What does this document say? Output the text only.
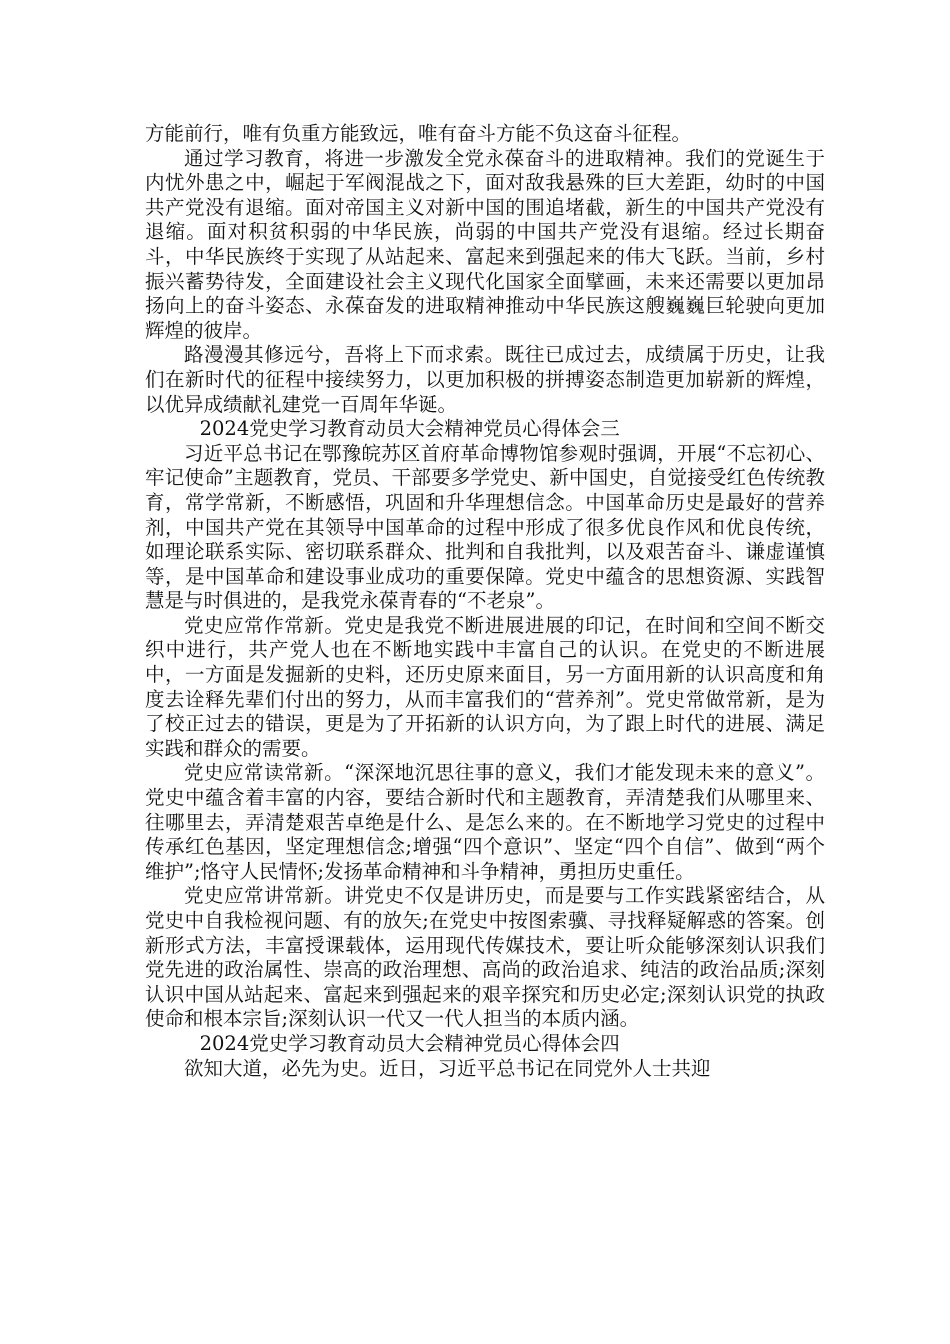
方能前行，唯有负重方能致远，唯有奋斗方能不负这奋斗征程。

通过学习教育，将进一步激发全党永葆奋斗的进取精神。我们的党诞生于内忧外患之中，崛起于军阀混战之下，面对敌我悬殊的巨大差距，幼时的中国共产党没有退缩。面对帝国主义对新中国的围追堵截，新生的中国共产党没有退缩。面对积贫积弱的中华民族，尚弱的中国共产党没有退缩。经过长期奋斗，中华民族终于实现了从站起来、富起来到强起来的伟大飞跃。当前，乡村振兴蓄势待发，全面建设社会主义现代化国家全面擘画，未来还需要以更加昂扬向上的奋斗姿态、永葆奋发的进取精神推动中华民族这艘巍巍巨轮驶向更加辉煌的彼岸。

路漫漫其修远兮，吾将上下而求索。既往已成过去，成绩属于历史，让我们在新时代的征程中接续努力，以更加积极的拼搏姿态制造更加崭新的辉煌，以优异成绩献礼建党一百周年华诞。

2024党史学习教育动员大会精神党员心得体会三

习近平总书记在鄂豫皖苏区首府革命博物馆参观时强调，开展“不忘初心、牢记使命”主题教育，党员、干部要多学党史、新中国史，自觉接受红色传统教育，常学常新，不断感悟，巩固和升华理想信念。中国革命历史是最好的营养剂，中国共产党在其领导中国革命的过程中形成了很多优良作风和优良传统，如理论联系实际、密切联系群众、批判和自我批判，以及艰苦奋斗、谦虚谨慎等，是中国革命和建设事业成功的重要保障。党史中蕴含的思想资源、实践智慧是与时俱进的，是我党永葆青春的“不老泉”。

党史应常作常新。党史是我党不断进展进展的印记，在时间和空间不断交织中进行，共产党人也在不断地实践中丰富自己的认识。在党史的不断进展中，一方面是发掘新的史料，还历史原来面目，另一方面用新的认识高度和角度去诠释先辈们付出的努力，从而丰富我们的“营养剂”。党史常做常新，是为了校正过去的错误，更是为了开拓新的认识方向，为了跟上时代的进展、满足实践和群众的需要。

党史应常读常新。“深深地沉思往事的意义，我们才能发现未来的意义”。党史中蕴含着丰富的内容，要结合新时代和主题教育，弄清楚我们从哪里来、往哪里去，弄清楚艰苦卓绝是什么、是怎么来的。在不断地学习党史的过程中传承红色基因，坚定理想信念;增强“四个意识”、坚定“四个自信”、做到“两个维护”;恪守人民情怀;发扬革命精神和斗争精神，勇担历史重任。

党史应常讲常新。讲党史不仅是讲历史，而是要与工作实践紧密结合，从党史中自我检视问题、有的放矢;在党史中按图索骥、寻找释疑解惑的答案。创新形式方法，丰富授课载体，运用现代传媒技术，要让听众能够深刻认识我们党先进的政治属性、崇高的政治理想、高尚的政治追求、纯洁的政治品质;深刻认识中国从站起来、富起来到强起来的艰辛探究和历史必定;深刻认识党的执政使命和根本宗旨;深刻认识一代又一代人担当的本质内涵。

2024党史学习教育动员大会精神党员心得体会四

欲知大道，必先为史。近日，习近平总书记在同党外人士共迎
